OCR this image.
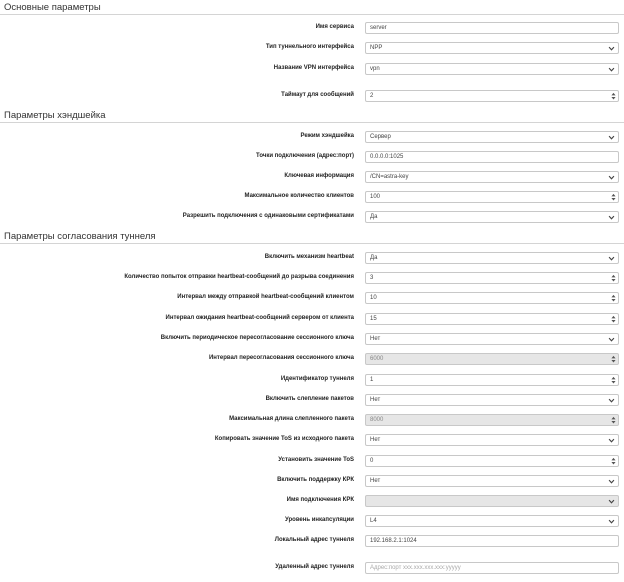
Основные параметры
Параметры хэндшейка
Параметры согласования туннеля
Имя сервиса	server
Тип туннельного интерфейса	NPP
Название VPN интерфейса	vpn
Таймаут для сообщений	2
Режим хэндшейка	Сервер
Точки подключения (адрес:порт)	0.0.0.0:1025
Ключевая информация	/CN=astra-key
Максимальное количество клиентов	100
Разрешить подключения с одинаковыми сертификатами	Да
Включить механизм heartbeat	Да
Количество попыток отправки heartbeat-сообщений до разрыва соединения	3
Интервал между отправкой heartbeat-сообщений клиентом	10
Интервал ожидания heartbeat-сообщений сервером от клиента	15
Включить периодическое пересогласование сессионного ключа	Нет
Интервал пересогласования сессионного ключа	6000
Идентификатор туннеля	1
Включить слепление пакетов	Нет
Максимальная длина слепленного пакета	8000
Копировать значение ToS из исходного пакета	Нет
Установить значение ToS	0
Включить поддержку КРК	Нет
Имя подключения КРК
Уровень инкапсуляции	L4
Локальный адрес туннеля	192.168.2.1:1024
Удаленный адрес туннеля	Адрес:порт xxx.xxx.xxx.xxx:yyyyy
